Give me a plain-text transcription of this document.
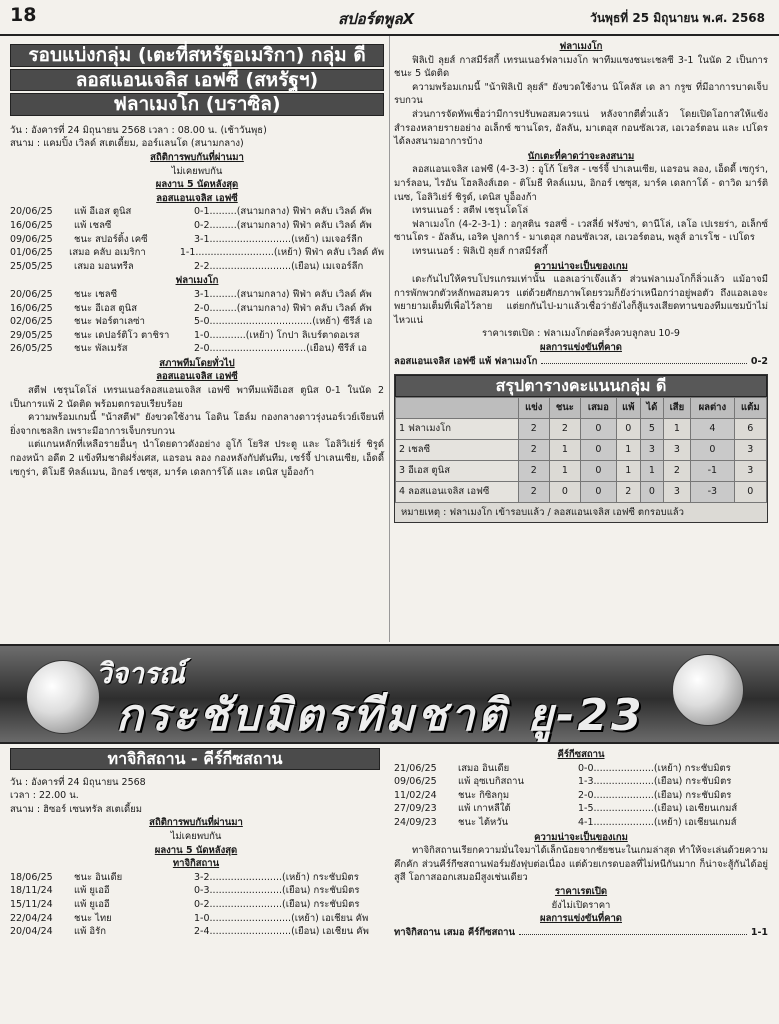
18	สปอร์ตพูลX	วันพุธที่ 25 มิถุนายน พ.ศ. 2568
รอบแบ่งกลุ่ม (เตะที่สหรัฐอเมริกา) กลุ่ม ดี
ลอสแอนเจลิส เอฟซี (สหรัฐฯ)
ฟลาเมงโก (บราซิล)
วัน : อังคารที่ 24 มิถุนายน 2568 เวลา : 08.00 น. (เช้าวันพุธ)
สนาม : แคมปิ้ง เวิลด์ สเตเดี้ยม, ออร์แลนโด (สนามกลาง)
สถิติการพบกันที่ผ่านมา
ไม่เคยพบกัน
ผลงาน 5 นัดหลังสุด
ลอสแอนเจลิส เอฟซี
20/06/25	แพ้ อีเอส ตูนิส	0-1 .........(สนามกลาง) ฟีฟ่า คลับ เวิลด์ คัพ
16/06/25	แพ้ เชลซี	0-2 .........(สนามกลาง) ฟีฟ่า คลับ เวิลด์ คัพ
09/06/25	ชนะ สปอร์ติ้ง เคซี	3-1 ...........................(เหย้า) เมเจอร์ลีก
01/06/25	เสมอ คลับ อเมริกา	1-1 ..........................(เหย้า) ฟีฟ่า คลับ เวิลด์ คัพ
25/05/25	เสมอ มอนทรีล	2-2 ...........................(เยือน) เมเจอร์ลีก
ฟลาเมงโก
20/06/25	ชนะ เชลซี	3-1 .........(สนามกลาง) ฟีฟ่า คลับ เวิลด์ คัพ
16/06/25	ชนะ อีเอส ตูนิส	2-0 .........(สนามกลาง) ฟีฟ่า คลับ เวิลด์ คัพ
02/06/25	ชนะ ฟอร์ตาเลซ่า	5-0 ..................................(เหย้า) ซีรีส์ เอ
29/05/25	ชนะ เดปอร์ติโว ตาชิรา	1-0 ............(เหย้า) โกปา ลิเบร์ตาดอเรส
26/05/25	ชนะ พัลเมรัส	2-0 ................................(เยือน) ซีรีส์ เอ
สภาพทีมโดยทั่วไป
ลอสแอนเจลิส เอฟซี

สตีฟ เชรุนโดโล่ เทรนเนอร์ลอสแอนเจลิส เอฟซี พาทีมแพ้อีเอส ตูนิส 0-1 ในนัด 2 เป็นการแพ้ 2 นัดติด พร้อมตกรอบเรียบร้อย

ความพร้อมเกมนี้ "น้าสตีฟ" ยังขวดใช้งาน โอดิน โฮล์ม กองกลางดาวรุ่งนอร์เวย์เจียนที่ยิ่งจากเชลลิก เพราะมีอาการเจ็บกรบกวน

แต่แกนหลักที่เหลือรายอื่นๆ นำโดยดาวดังอย่าง อูโก้ โยริส ประตู และ โอลิวิเย่ร์ ชิรูด์ กองหน้า อดีต 2 แข้งทีมชาติฝรั่งเศส, แอรอน ลอง กองหลังกัปตันทีม, เซร์จี้ ปาเลนเซีย, เอ็ดดี้ เซกูร่า, ติโมธี ทิลล์แมน, อิกอร์ เชซุส, มาร์ค เดลการ์โด้ และ เดนิส บูอ็องก้า

ฟลาเมงโก

ฟิลิเป้ ลุยส์ กาสมีร์สกี้ เทรนเนอร์ฟลาเมงโก พาทีมแซงชนะเชลซี 3-1 ในนัด 2 เป็นการชนะ 5 นัดติด

ความพร้อมเกมนี้ "น้าฟิลิเป้ ลุยส์" ยังขวดใช้งาน นิโคลัส เด ลา กรูซ ที่มีอาการบาดเจ็บรบกวน

ส่วนการจัดทัพเชื่อว่ามีการปรับพอสมควรแน่ หลังจากตีตั๋วแล้ว โดยเปิดโอกาสให้แข้งสำรองหลายรายอย่าง อเล็กซ์ ซานโดร, อัลลัน, มาเตอุส กอนซัลเวส, เอเวอร์ตอน และ เปโดร ได้ลงสนามอาการบ้าง

นักเตะที่คาดว่าจะลงสนาม

ลอสแอนเจลิส เอฟซี (4-3-3) : อูโก้ โยริส - เซร์จี้ ปาเลนเซีย, แอรอน ลอง, เอ็ดดี้ เซกูร่า, มาร์ลอน, ไรอัน โฮลลิงส์เฮด - ติโมธี ทิลล์แมน, อิกอร์ เชซุส, มาร์ค เดลกาโด้ - ดาวิด มาร์ติเนซ, โอลิวิเย่ร์ ชิรูด์, เดนิส บูอ็องก้า

เทรนเนอร์ : สตีฟ เชรุนโดโล่

ฟลาเมงโก (4-2-3-1) : อกุสติน รอสซี่ - เวสลี่ย์ ฟรังซ่า, ดานีโล่, เลโอ เปเรยร่า, อเล็กซ์ ซานโดร - อัลลัน, เอริค ปูลการ์ - มาเตอุส กอนซัลเวส, เอเวอร์ตอน, พลูส์ อาเรโช - เปโดร

เทรนเนอร์ : ฟิลิเป้ ลุยส์ กาสมีร์สกี้

ความน่าจะเป็นของเกม

เดะกันไปให้ครบโปรแกรมเท่านั้น แอลเอว่าเจ๊งแล้ว ส่วนฟลาเมงโกก็ลิ่วแล้ว แม้อาจมีการพักพวกตัวหลักพอสมควร แต่ด้วยศักยภาพโดยรวมก็ยังว่าเหนือกว่าอยู่พอตัว ถึงแอลเอจะพยายามเต็มที่เพื่อไว้ลาย แต่ยกกันไป-มาแล้วเชื่อว่ายังไงก็สู้แรงเสียดทานของทีมแซมบ้าไม่ไหวแน่

ราคาเรตเปิด : ฟลาเมงโกต่อครึ่งควบลูกลบ 10-9
ผลการแข่งขันที่คาด
ลอสแอนเจลิส เอฟซี แพ้ ฟลาเมงโก	0-2
สรุปตารางคะแนนกลุ่ม ดี
	แข่ง	ชนะ	เสมอ	แพ้	ได้	เสีย	ผลต่าง	แต้ม
1 ฟลาเมงโก	2	2	0	0	5	1	4	6
2 เชลซี	2	1	0	1	3	3	0	3
3 อีเอส ตูนิส	2	1	0	1	1	2	-1	3
4 ลอสแอนเจลิส เอฟซี	2	0	0	2	0	3	-3	0
หมายเหตุ : ฟลาเมงโก เข้ารอบแล้ว / ลอสแอนเจลิส เอฟซี ตกรอบแล้ว
วิจารณ์
กระชับมิตรทีมชาติ ยู-23
ทาจิกิสถาน - คีร์กีซสถาน
วัน : อังคารที่ 24 มิถุนายน 2568
เวลา : 22.00 น.
สนาม : ฮิซอร์ เซนทรัล สเตเดี้ยม
สถิติการพบกันที่ผ่านมา
ไม่เคยพบกัน
ผลงาน 5 นัดหลังสุด
ทาจิกิสถาน
18/06/25	ชนะ อินเดีย	3-2 ........................(เหย้า) กระชับมิตร
18/11/24	แพ้ ยูเออี	0-3 ........................(เยือน) กระชับมิตร
15/11/24	แพ้ ยูเออี	0-2 ........................(เยือน) กระชับมิตร
22/04/24	ชนะ ไทย	1-0 ...........................(เหย้า) เอเชียน คัพ
20/04/24	แพ้ อิรัก	2-4 ...........................(เยือน) เอเชียน คัพ
คีร์กีซสถาน
21/06/25	เสมอ อินเดีย	0-0 ....................(เหย้า) กระชับมิตร
09/06/25	แพ้ อุซเบกิสถาน	1-3 ....................(เยือน) กระชับมิตร
11/02/24	ชนะ กิซิลกุม	2-0 ....................(เยือน) กระชับมิตร
27/09/23	แพ้ เกาหลีใต้	1-5 ....................(เยือน) เอเชียนเกมส์
24/09/23	ชนะ ไต้หวัน	4-1 ....................(เหย้า) เอเชียนเกมส์
ความน่าจะเป็นของเกม

ทาจิกิสถานเรียกความมั่นใจมาได้เล็กน้อยจากชัยชนะในเกมล่าสุด ทำให้จะเล่นด้วยความคึกคัก ส่วนคีร์กีซสถานฟอร์มยังฟุบต่อเนื่อง แต่ด้วยเกรดบอลที่ไม่หนีกันมาก ก็น่าจะสู้กันได้อยู่สูสี โอกาสออกเสมอมีสูงเช่นเดียว

ราคาเรตเปิด
ยังไม่เปิดราคา
ผลการแข่งขันที่คาด
ทาจิกิสถาน เสมอ คีร์กีซสถาน	1-1
